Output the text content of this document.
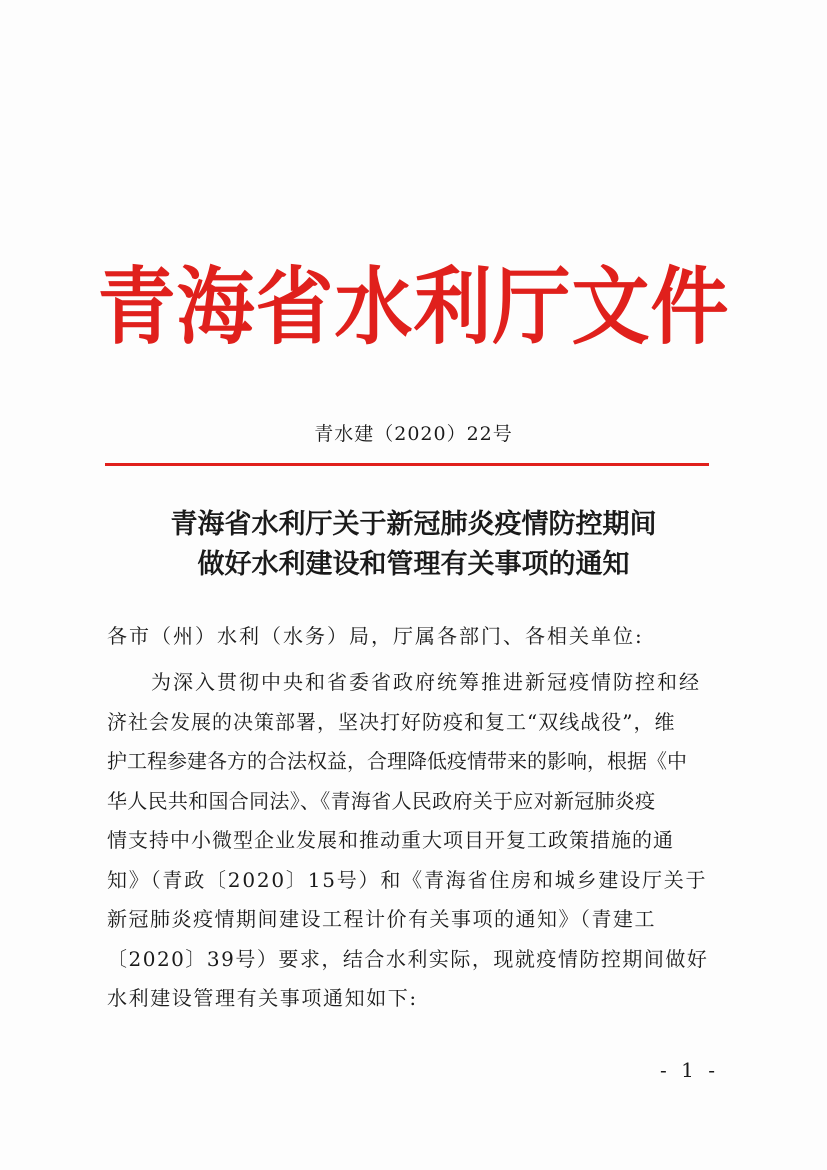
青海省水利厅文件
青水建（2020）22号
青海省水利厅关于新冠肺炎疫情防控期间
做好水利建设和管理有关事项的通知
各市（州）水利（水务）局，厅属各部门、各相关单位:
为深入贯彻中央和省委省政府统筹推进新冠疫情防控和经
济社会发展的决策部署，坚决打好防疫和复工“双线战役”，维
护工程参建各方的合法权益，合理降低疫情带来的影响，根据《中
华人民共和国合同法》、《青海省人民政府关于应对新冠肺炎疫
情支持中小微型企业发展和推动重大项目开复工政策措施的通
知》（青政〔2020〕15号）和《青海省住房和城乡建设厅关于
新冠肺炎疫情期间建设工程计价有关事项的通知》（青建工
〔2020〕39号）要求，结合水利实际，现就疫情防控期间做好
水利建设管理有关事项通知如下:
- 1 -
